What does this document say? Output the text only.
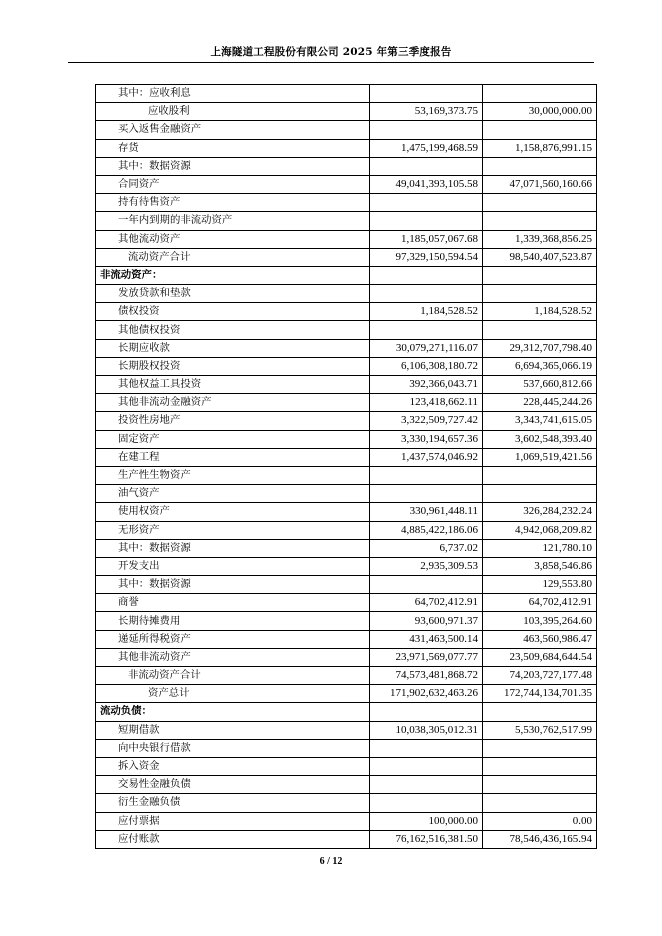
上海隧道工程股份有限公司 2025 年第三季度报告
其中：应收利息		
应收股利	53,169,373.75	30,000,000.00
买入返售金融资产		
存货	1,475,199,468.59	1,158,876,991.15
其中：数据资源		
合同资产	49,041,393,105.58	47,071,560,160.66
持有待售资产		
一年内到期的非流动资产		
其他流动资产	1,185,057,067.68	1,339,368,856.25
流动资产合计	97,329,150,594.54	98,540,407,523.87
非流动资产：		
发放贷款和垫款		
债权投资	1,184,528.52	1,184,528.52
其他债权投资		
长期应收款	30,079,271,116.07	29,312,707,798.40
长期股权投资	6,106,308,180.72	6,694,365,066.19
其他权益工具投资	392,366,043.71	537,660,812.66
其他非流动金融资产	123,418,662.11	228,445,244.26
投资性房地产	3,322,509,727.42	3,343,741,615.05
固定资产	3,330,194,657.36	3,602,548,393.40
在建工程	1,437,574,046.92	1,069,519,421.56
生产性生物资产		
油气资产		
使用权资产	330,961,448.11	326,284,232.24
无形资产	4,885,422,186.06	4,942,068,209.82
其中：数据资源	6,737.02	121,780.10
开发支出	2,935,309.53	3,858,546.86
其中：数据资源		129,553.80
商誉	64,702,412.91	64,702,412.91
长期待摊费用	93,600,971.37	103,395,264.60
递延所得税资产	431,463,500.14	463,560,986.47
其他非流动资产	23,971,569,077.77	23,509,684,644.54
非流动资产合计	74,573,481,868.72	74,203,727,177.48
资产总计	171,902,632,463.26	172,744,134,701.35
流动负债：		
短期借款	10,038,305,012.31	5,530,762,517.99
向中央银行借款		
拆入资金		
交易性金融负债		
衍生金融负债		
应付票据	100,000.00	0.00
应付账款	76,162,516,381.50	78,546,436,165.94
6 / 12
